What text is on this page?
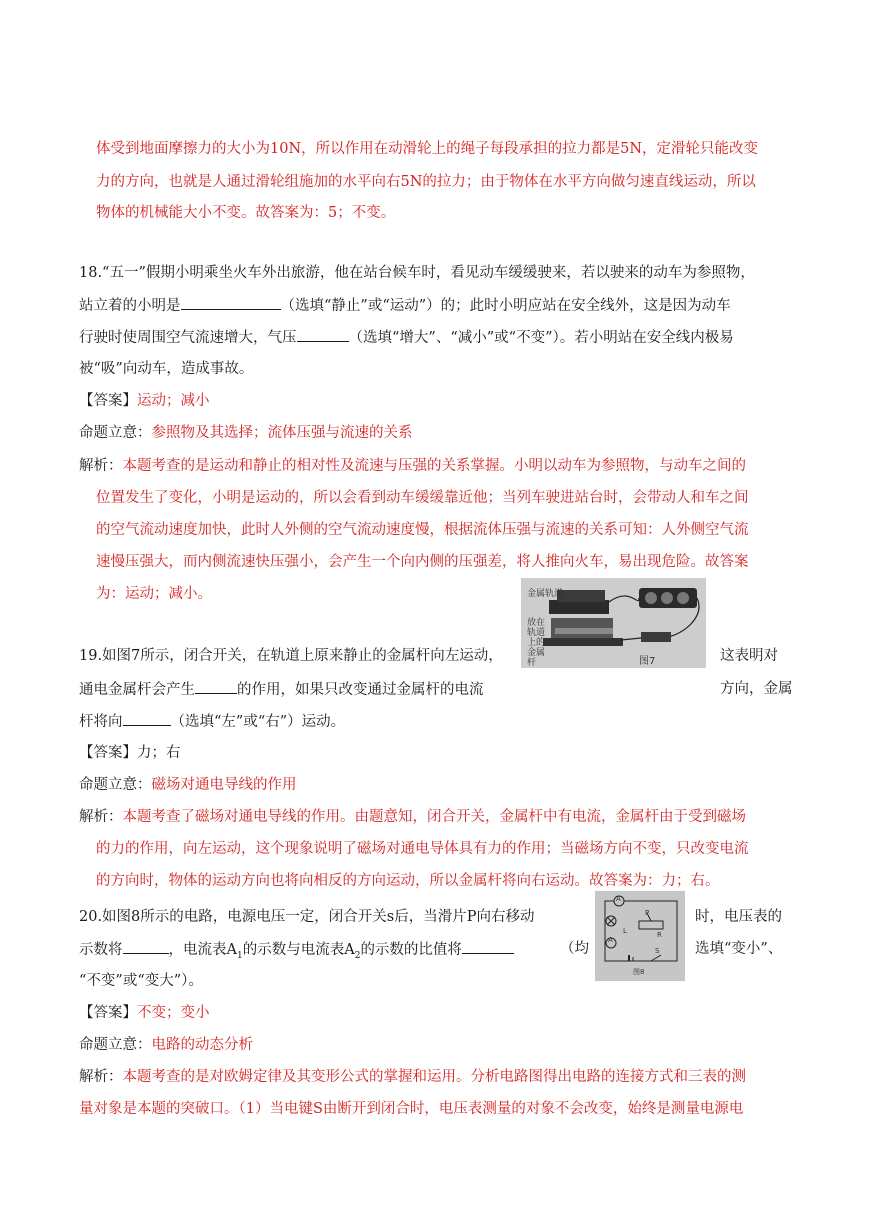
体受到地面摩擦力的大小为10N，所以作用在动滑轮上的绳子每段承担的拉力都是5N，定滑轮只能改变
力的方向，也就是人通过滑轮组施加的水平向右5N的拉力；由于物体在水平方向做匀速直线运动，所以
物体的机械能大小不变。故答案为：5；不变。
18.“五一”假期小明乘坐火车外出旅游，他在站台候车时，看见动车缓缓驶来，若以驶来的动车为参照物，
站立着的小明是	（选填“静止”或“运动”）的；此时小明应站在安全线外，这是因为动车
行驶时使周围空气流速增大，气压	（选填“增大”、“减小”或“不变”）。若小明站在安全线内极易
被“吸”向动车，造成事故。
【答案】运动；减小
命题立意：参照物及其选择；流体压强与流速的关系
解析：本题考查的是运动和静止的相对性及流速与压强的关系掌握。小明以动车为参照物，与动车之间的
位置发生了变化，小明是运动的，所以会看到动车缓缓靠近他；当列车驶进站台时，会带动人和车之间
的空气流动速度加快，此时人外侧的空气流动速度慢，根据流体压强与流速的关系可知：人外侧空气流
速慢压强大，而内侧流速快压强小，会产生一个向内侧的压强差，将人推向火车，易出现危险。故答案
为：运动；减小。
19.如图7所示，闭合开关，在轨道上原来静止的金属杆向左运动，	这表明对
通电金属杆会产生	的作用，如果只改变通过金属杆的电流	方向，金属
杆将向	（选填“左”或“右”）运动。
金属轨道
放在轨道上的金属杆	图7
【答案】力；右
命题立意：磁场对通电导线的作用
解析：本题考查了磁场对通电导线的作用。由题意知，闭合开关，金属杆中有电流，金属杆由于受到磁场
的力的作用，向左运动，这个现象说明了磁场对通电导体具有力的作用；当磁场方向不变，只改变电流
的方向时，物体的运动方向也将向相反的方向运动，所以金属杆将向右运动。故答案为：力；右。
20.如图8所示的电路，电源电压一定，闭合开关s后，当滑片P向右移动	时，电压表的
示数将	，电流表$A_1$的示数与电流表$A_2$的示数的比值将	（均	选填“变小”、
“不变”或“变大”）。
A
A
P
R
L
S
图8
【答案】不变；变小
命题立意：电路的动态分析
解析：本题考查的是对欧姆定律及其变形公式的掌握和运用。分析电路图得出电路的连接方式和三表的测
量对象是本题的突破口。（1）当电键S由断开到闭合时，电压表测量的对象不会改变，始终是测量电源电
